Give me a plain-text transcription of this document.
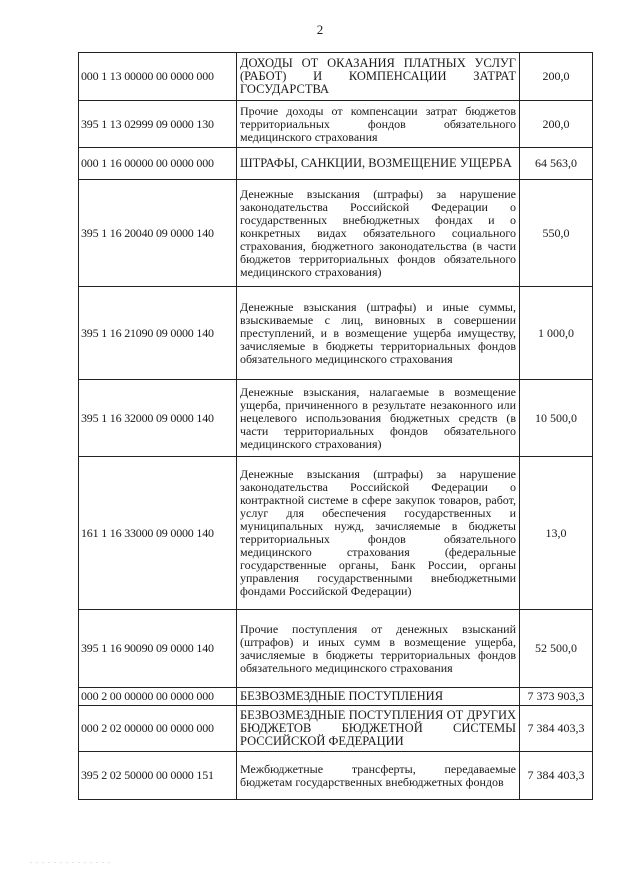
2
000 1 13 00000 00 0000 000	ДОХОДЫ ОТ ОКАЗАНИЯ ПЛАТНЫХ УСЛУГ (РАБОТ) И КОМПЕНСАЦИИ ЗАТРАТ ГОСУДАРСТВА	200,0
395 1 13 02999 09 0000 130	Прочие доходы от компенсации затрат бюджетов территориальных фондов обязательного медицинского страхования	200,0
000 1 16 00000 00 0000 000	ШТРАФЫ, САНКЦИИ, ВОЗМЕЩЕНИЕ УЩЕРБА	64 563,0
395 1 16 20040 09 0000 140	Денежные взыскания (штрафы) за нарушение законодательства Российской Федерации о государственных внебюджетных фондах и о конкретных видах обязательного социального страхования, бюджетного законодательства (в части бюджетов территориальных фондов обязательного медицинского страхования)	550,0
395 1 16 21090 09 0000 140	Денежные взыскания (штрафы) и иные суммы, взыскиваемые с лиц, виновных в совершении преступлений, и в возмещение ущерба имуществу, зачисляемые в бюджеты территориальных фондов обязательного медицинского страхования	1 000,0
395 1 16 32000 09 0000 140	Денежные взыскания, налагаемые в возмещение ущерба, причиненного в результате незаконного или нецелевого использования бюджетных средств (в части территориальных фондов обязательного медицинского страхования)	10 500,0
161 1 16 33000 09 0000 140	Денежные взыскания (штрафы) за нарушение законодательства Российской Федерации о контрактной системе в сфере закупок товаров, работ, услуг для обеспечения государственных и муниципальных нужд, зачисляемые в бюджеты территориальных фондов обязательного медицинского страхования (федеральные государственные органы, Банк России, органы управления государственными внебюджетными фондами Российской Федерации)	13,0
395 1 16 90090 09 0000 140	Прочие поступления от денежных взысканий (штрафов) и иных сумм в возмещение ущерба, зачисляемые в бюджеты территориальных фондов обязательного медицинского страхования	52 500,0
000 2 00 00000 00 0000 000	БЕЗВОЗМЕЗДНЫЕ ПОСТУПЛЕНИЯ	7 373 903,3
000 2 02 00000 00 0000 000	БЕЗВОЗМЕЗДНЫЕ ПОСТУПЛЕНИЯ ОТ ДРУГИХ БЮДЖЕТОВ БЮДЖЕТНОЙ СИСТЕМЫ РОССИЙСКОЙ ФЕДЕРАЦИИ	7 384 403,3
395 2 02 50000 00 0000 151	Межбюджетные трансферты, передаваемые бюджетам государственных внебюджетных фондов	7 384 403,3
. . . . . . . . . . . . . .
